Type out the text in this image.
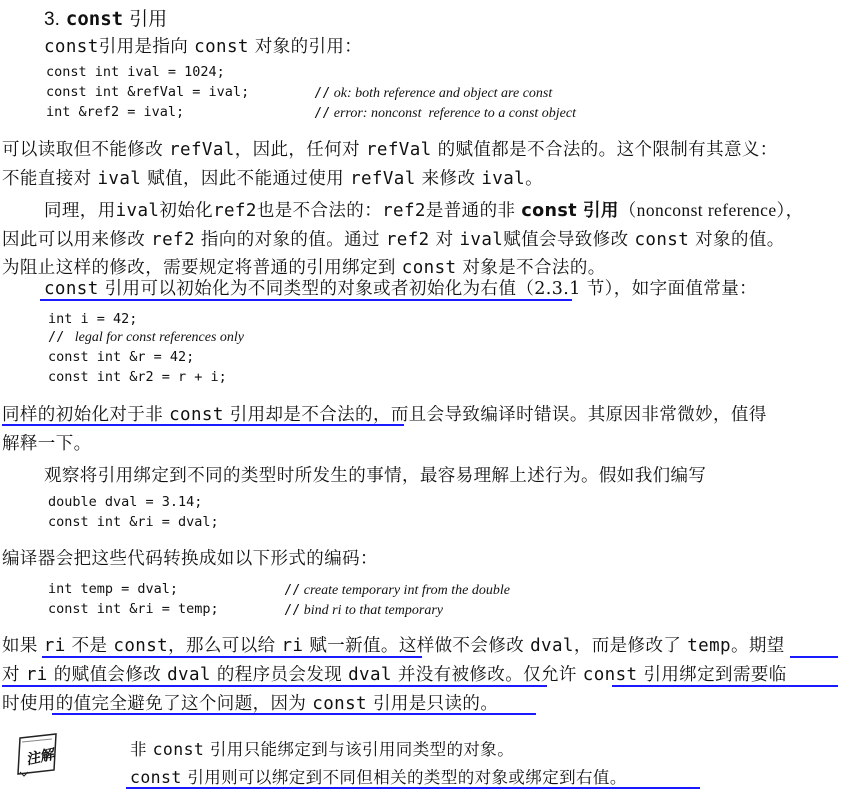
3. const 引用
const引用是指向 const 对象的引用：
const int ival = 1024;
const int &refVal = ival;	// ok: both reference and object are const
int &ref2 = ival;	// error: nonconst reference to a const object
可以读取但不能修改 refVal，因此，任何对 refVal 的赋值都是不合法的。这个限制有其意义：
不能直接对 ival 赋值，因此不能通过使用 refVal 来修改 ival。
同理，用ival初始化ref2也是不合法的：ref2是普通的非 const 引用（nonconst reference），
因此可以用来修改 ref2 指向的对象的值。通过 ref2 对 ival赋值会导致修改 const 对象的值。
为阻止这样的修改，需要规定将普通的引用绑定到 const 对象是不合法的。
const 引用可以初始化为不同类型的对象或者初始化为右值（2.3.1 节），如字面值常量：
int i = 42;
// legal for const references only
const int &r = 42;
const int &r2 = r + i;
同样的初始化对于非 const 引用却是不合法的，而且会导致编译时错误。其原因非常微妙，值得
解释一下。
观察将引用绑定到不同的类型时所发生的事情，最容易理解上述行为。假如我们编写
double dval = 3.14;
const int &ri = dval;
编译器会把这些代码转换成如以下形式的编码：
int temp = dval;	// create temporary int from the double
const int &ri = temp;	// bind ri to that temporary
如果 ri 不是 const，那么可以给 ri 赋一新值。这样做不会修改 dval，而是修改了 temp。期望
对 ri 的赋值会修改 dval 的程序员会发现 dval 并没有被修改。仅允许 const 引用绑定到需要临
时使用的值完全避免了这个问题，因为 const 引用是只读的。
注解	非 const 引用只能绑定到与该引用同类型的对象。
const 引用则可以绑定到不同但相关的类型的对象或绑定到右值。
